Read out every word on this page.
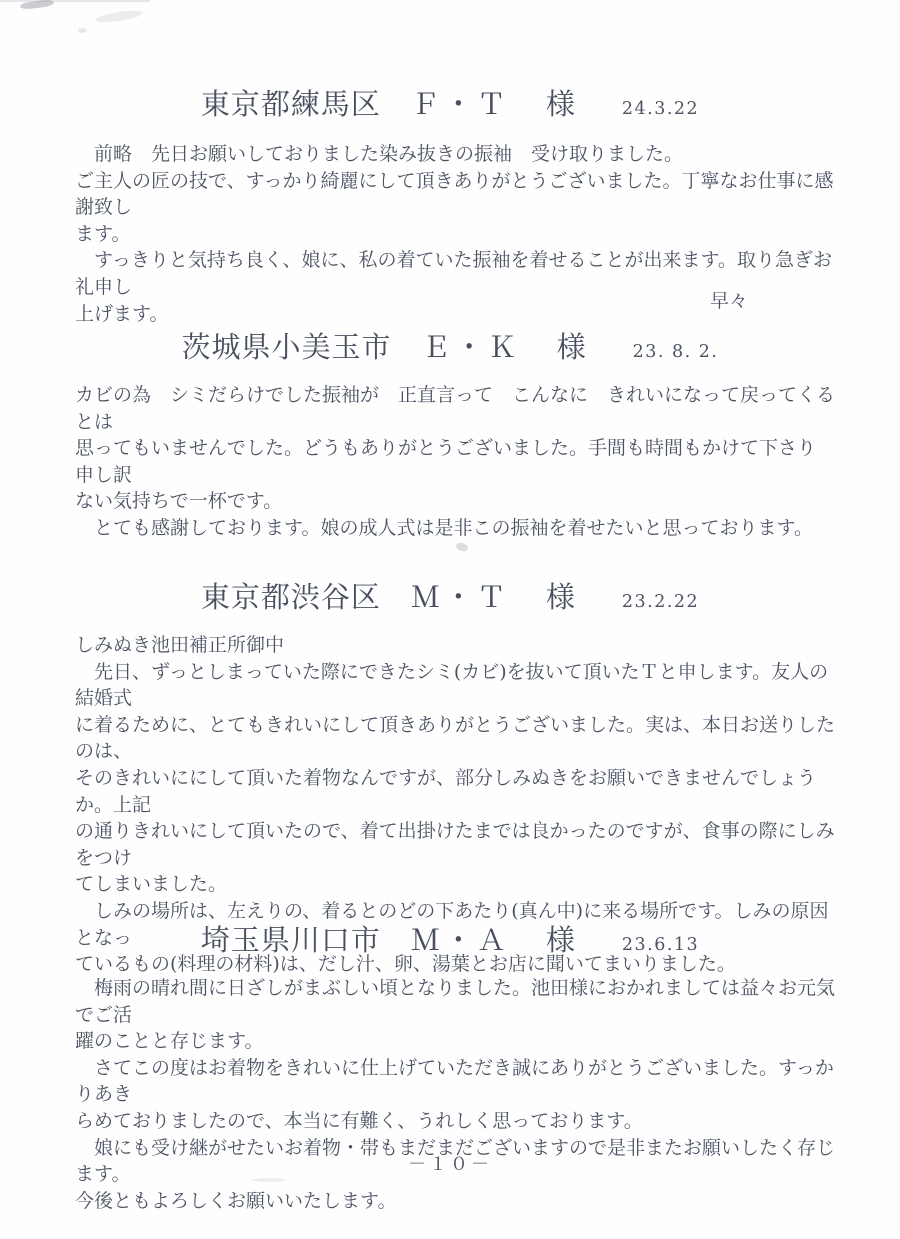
東京都練馬区 Ｆ・Ｔ 様	24.3.22
　前略　先日お願いしておりました染み抜きの振袖　受け取りました。
ご主人の匠の技で、すっかり綺麗にして頂きありがとうございました。丁寧なお仕事に感謝致し
ます。
　すっきりと気持ち良く、娘に、私の着ていた振袖を着せることが出来ます。取り急ぎお礼申し
上げます。
早々
茨城県小美玉市 Ｅ・Ｋ 様	23. 8. 2.
カビの為　シミだらけでした振袖が　正直言って　こんなに　きれいになって戻ってくるとは
思ってもいませんでした。どうもありがとうございました。手間も時間もかけて下さり　申し訳
ない気持ちで一杯です。
　とても感謝しております。娘の成人式は是非この振袖を着せたいと思っております。
東京都渋谷区 Ｍ・Ｔ 様	23.2.22
しみぬき池田補正所御中
　先日、ずっとしまっていた際にできたシミ(カビ)を抜いて頂いたＴと申します。友人の結婚式
に着るために、とてもきれいにして頂きありがとうございました。実は、本日お送りしたのは、
そのきれいににして頂いた着物なんですが、部分しみぬきをお願いできませんでしょうか。上記
の通りきれいにして頂いたので、着て出掛けたまでは良かったのですが、食事の際にしみをつけ
てしまいました。
　しみの場所は、左えりの、着るとのどの下あたり(真ん中)に来る場所です。しみの原因となっ
ているもの(料理の材料)は、だし汁、卵、湯葉とお店に聞いてまいりました。
埼玉県川口市 Ｍ・Ａ 様	23.6.13
　梅雨の晴れ間に日ざしがまぶしい頃となりました。池田様におかれましては益々お元気でご活
躍のことと存じます。
　さてこの度はお着物をきれいに仕上げていただき誠にありがとうございました。すっかりあき
らめておりましたので、本当に有難く、うれしく思っております。
　娘にも受け継がせたいお着物・帯もまだまだございますので是非またお願いしたく存じます。
今後ともよろしくお願いいたします。
－１０－
